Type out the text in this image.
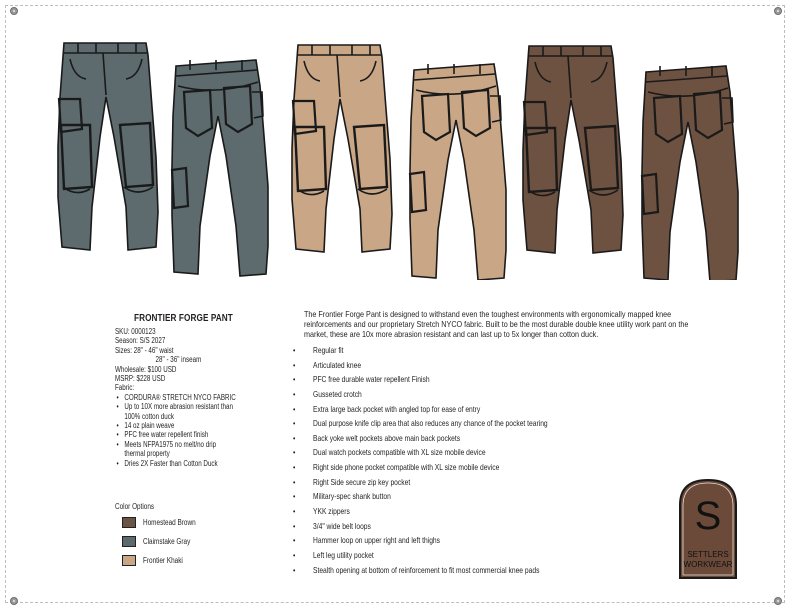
FRONTIER FORGE PANT
SKU: 0000123
Season: S/S 2027
Sizes: 28" - 46" waist
28" - 36" inseam
Wholesale: $100 USD
MSRP: $228 USD
Fabric:
• CORDURA® STRETCH NYCO FABRIC
• Up to 10X more abrasion resistant than
100% cotton duck
• 14 oz plain weave
• PFC free water repellent finish
• Meets NFPA1975 no melt/no drip
thermal property
• Dries 2X Faster than Cotton Duck
Color Options
Homestead Brown
Claimstake Gray
Frontier Khaki

The Frontier Forge Pant is designed to withstand even the toughest environments with ergonomically mapped knee reinforcements and our proprietary Stretch NYCO fabric. Built to be the most durable double knee utility work pant on the market, these are 10x more abrasion resistant and can last up to 5x longer than cotton duck.

• Regular fit
• Articulated knee
• PFC free durable water repellent Finish
• Gusseted crotch
• Extra large back pocket with angled top for ease of entry
• Dual purpose knife clip area that also reduces any chance of the pocket tearing
• Back yoke welt pockets above main back pockets
• Dual watch pockets compatible with XL size mobile device
• Right side phone pocket compatible with XL size mobile device
• Right Side secure zip key pocket
• Military-spec shank button
• YKK zippers
• 3/4" wide belt loops
• Hammer loop on upper right and left thighs
• Left leg utility pocket
• Stealth opening at bottom of reinforcement to fit most commercial knee pads
S
SETTLERS
WORKWEAR
